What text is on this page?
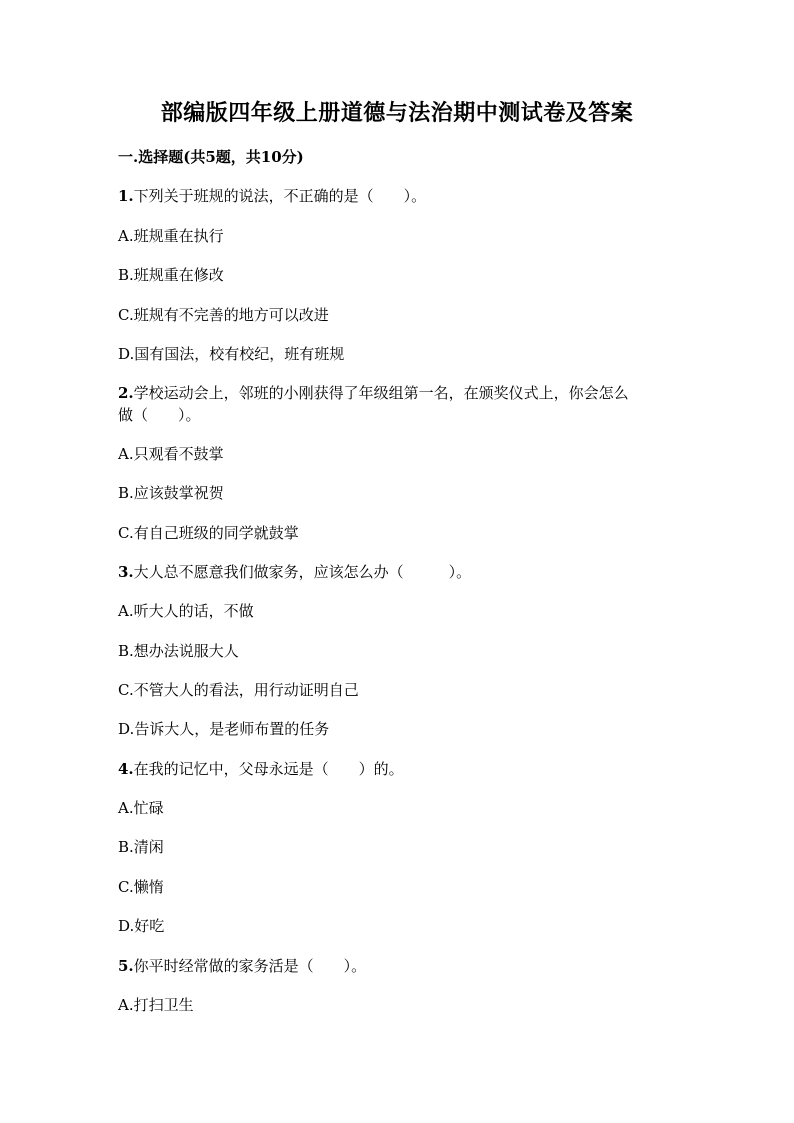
部编版四年级上册道德与法治期中测试卷及答案
一.选择题(共5题，共10分)
1.下列关于班规的说法，不正确的是（　　）。
A.班规重在执行
B.班规重在修改
C.班规有不完善的地方可以改进
D.国有国法，校有校纪，班有班规
2.学校运动会上，邻班的小刚获得了年级组第一名，在颁奖仪式上，你会怎么
做（　　）。
A.只观看不鼓掌
B.应该鼓掌祝贺
C.有自己班级的同学就鼓掌
3.大人总不愿意我们做家务，应该怎么办（　　　）。
A.听大人的话，不做
B.想办法说服大人
C.不管大人的看法，用行动证明自己
D.告诉大人，是老师布置的任务
4.在我的记忆中，父母永远是（　　）的。
A.忙碌
B.清闲
C.懒惰
D.好吃
5.你平时经常做的家务活是（　　）。
A.打扫卫生
